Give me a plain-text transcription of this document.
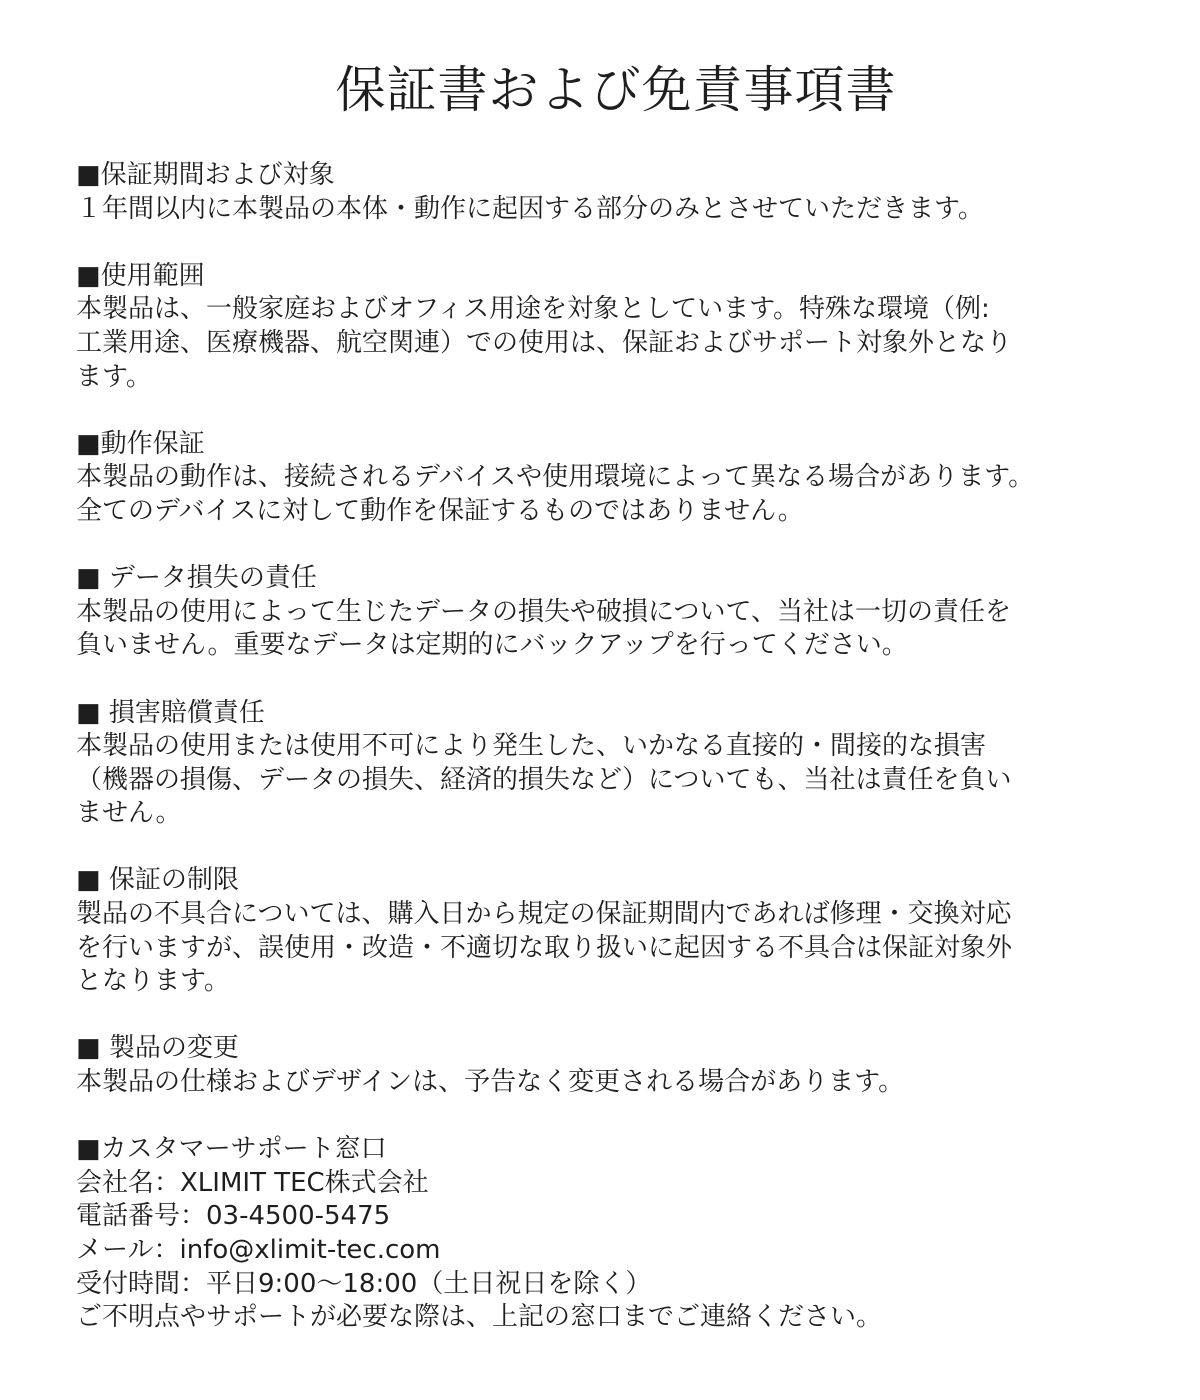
保証書および免責事項書
■保証期間および対象
１年間以内に本製品の本体・動作に起因する部分のみとさせていただきます。
■使用範囲
本製品は、一般家庭およびオフィス用途を対象としています。特殊な環境（例:
工業用途、医療機器、航空関連）での使用は、保証およびサポート対象外となり
ます。
■動作保証
本製品の動作は、接続されるデバイスや使用環境によって異なる場合があります。
全てのデバイスに対して動作を保証するものではありません。
■ データ損失の責任
本製品の使用によって生じたデータの損失や破損について、当社は一切の責任を
負いません。重要なデータは定期的にバックアップを行ってください。
■ 損害賠償責任
本製品の使用または使用不可により発生した、いかなる直接的・間接的な損害
（機器の損傷、データの損失、経済的損失など）についても、当社は責任を負い
ません。
■ 保証の制限
製品の不具合については、購入日から規定の保証期間内であれば修理・交換対応
を行いますが、誤使用・改造・不適切な取り扱いに起因する不具合は保証対象外
となります。
■ 製品の変更
本製品の仕様およびデザインは、予告なく変更される場合があります。
■カスタマーサポート窓口
会社名：XLIMIT TEC株式会社
電話番号：03-4500-5475
メール：info@xlimit-tec.com
受付時間：平日9:00〜18:00（土日祝日を除く）
ご不明点やサポートが必要な際は、上記の窓口までご連絡ください。
